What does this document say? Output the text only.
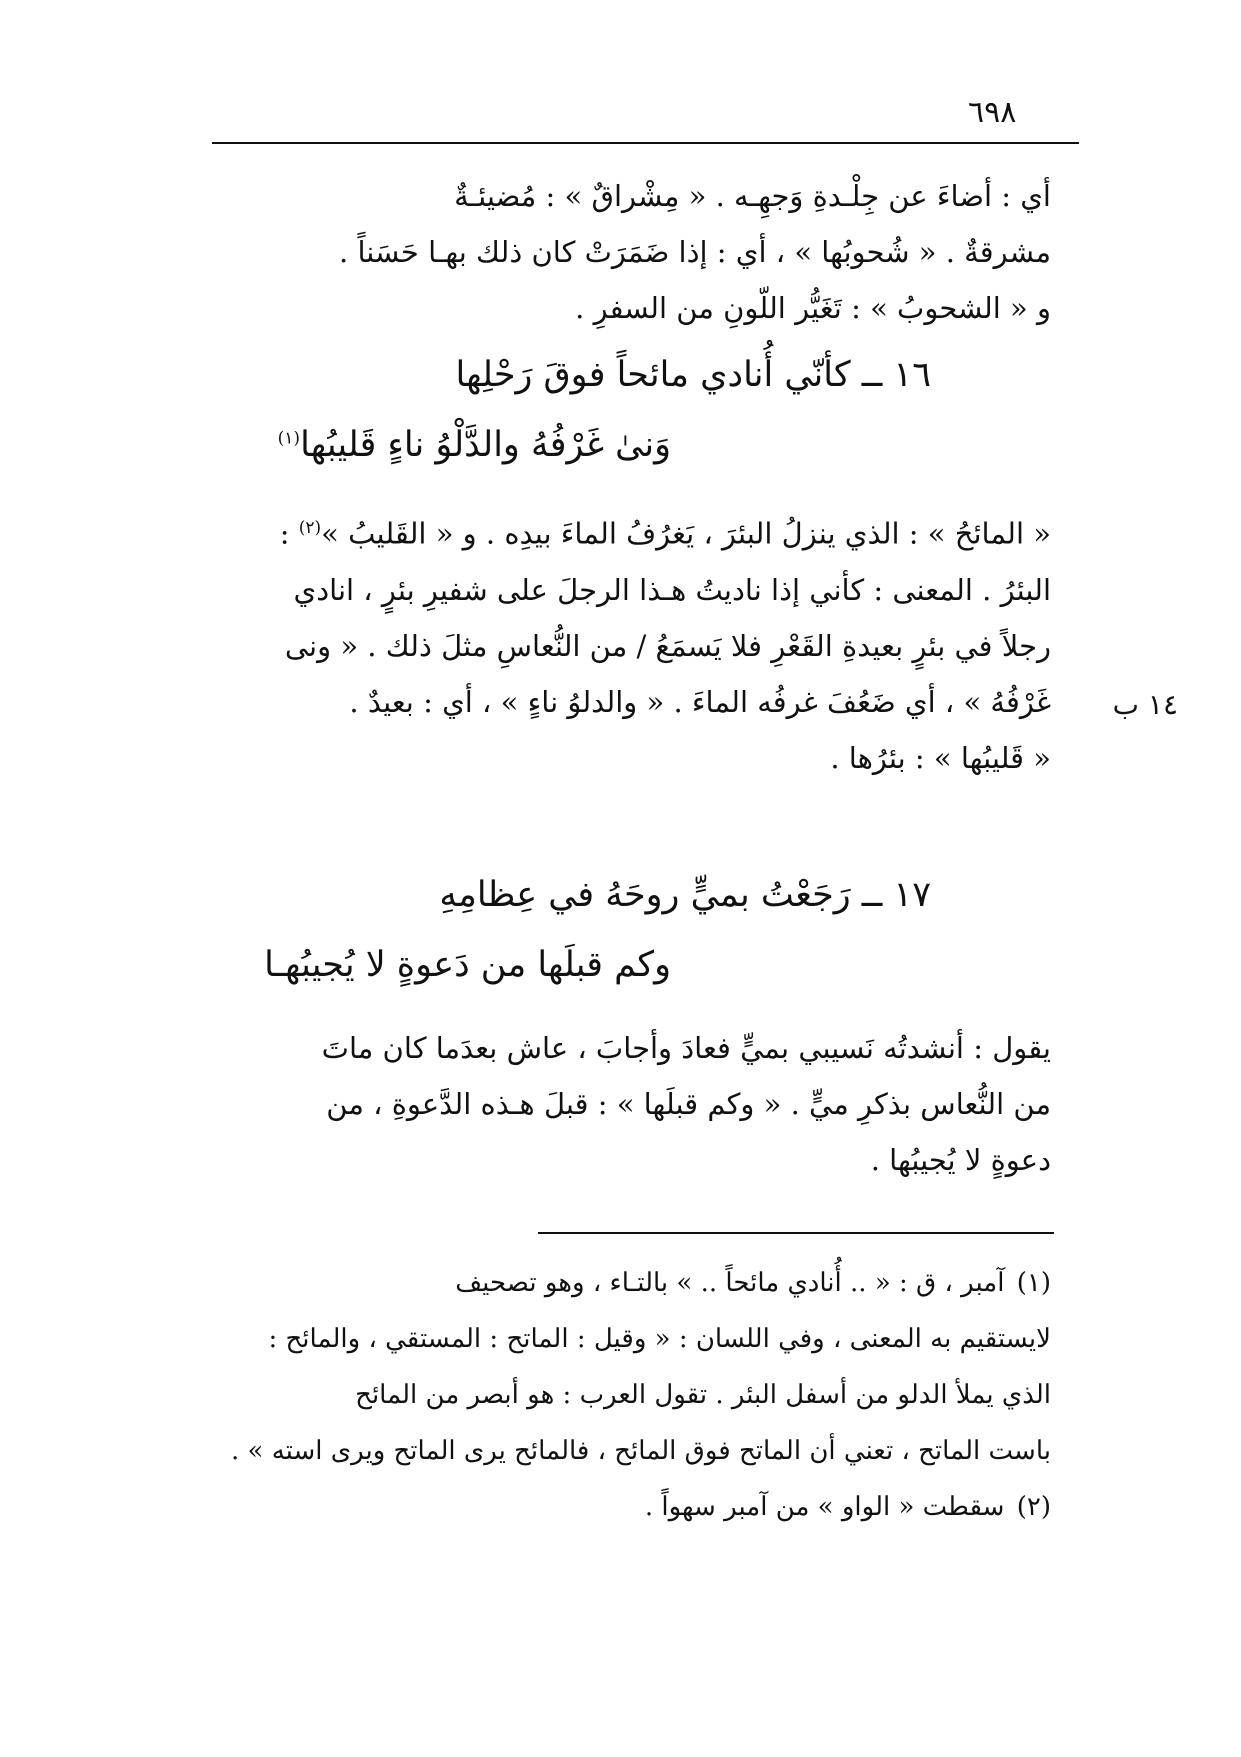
٦٩٨

أي : أضاءَ عن جِلْـدةِ وَجهِـه . « مِشْراقٌ » : مُضيئـةٌ

مشرقةٌ . « شُحوبُها » ، أي : إذا ضَمَرَتْ كان ذلك بهـا حَسَناً .

و « الشحوبُ » : تَغَيُّر اللّونِ من السفرِ .

١٦ ــ كأنّي أُنادي مائحاً فوقَ رَحْلِها
وَنىٰ غَرْفُهُ والدَّلْوُ ناءٍ قَليبُها$^{(١)}$

« المائحُ » : الذي ينزلُ البئرَ ، يَغرُفُ الماءَ بيدِه . و « القَليبُ »$^{(٢)}$ :

البئرُ . المعنى : كأني إذا ناديتُ هـذا الرجلَ على شفيرِ بئرٍ ، انادي

رجلاً في بئرٍ بعيدةِ القَعْرِ فلا يَسمَعُ / من النُّعاسِ مثلَ ذلك . « ونى

غَرْفُهُ » ، أي ضَعُفَ غرفُه الماءَ . « والدلوُ ناءٍ » ، أي : بعيدٌ .

« قَليبُها » : بئرُها .

١٤ ب
١٧ ــ رَجَعْتُ بميٍّ روحَهُ في عِظامِهِ
وكم قبلَها من دَعوةٍ لا يُجيبُهـا

يقول : أنشدتُه نَسيبي بميٍّ فعادَ وأجابَ ، عاش بعدَما كان ماتَ

من النُّعاس بذكرِ ميٍّ . « وكم قبلَها » : قبلَ هـذه الدَّعوةِ ، من

دعوةٍ لا يُجيبُها .

(١) آمبر ، ق : « .. أُنادي مائحاً .. » بالتـاء ، وهو تصحيف

لايستقيم به المعنى ، وفي اللسان : « وقيل : الماتح : المستقي ، والمائح :

الذي يملأ الدلو من أسفل البئر . تقول العرب : هو أبصر من المائح

باست الماتح ، تعني أن الماتح فوق المائح ، فالمائح يرى الماتح ويرى استه » .

(٢) سقطت « الواو » من آمبر سهواً .
